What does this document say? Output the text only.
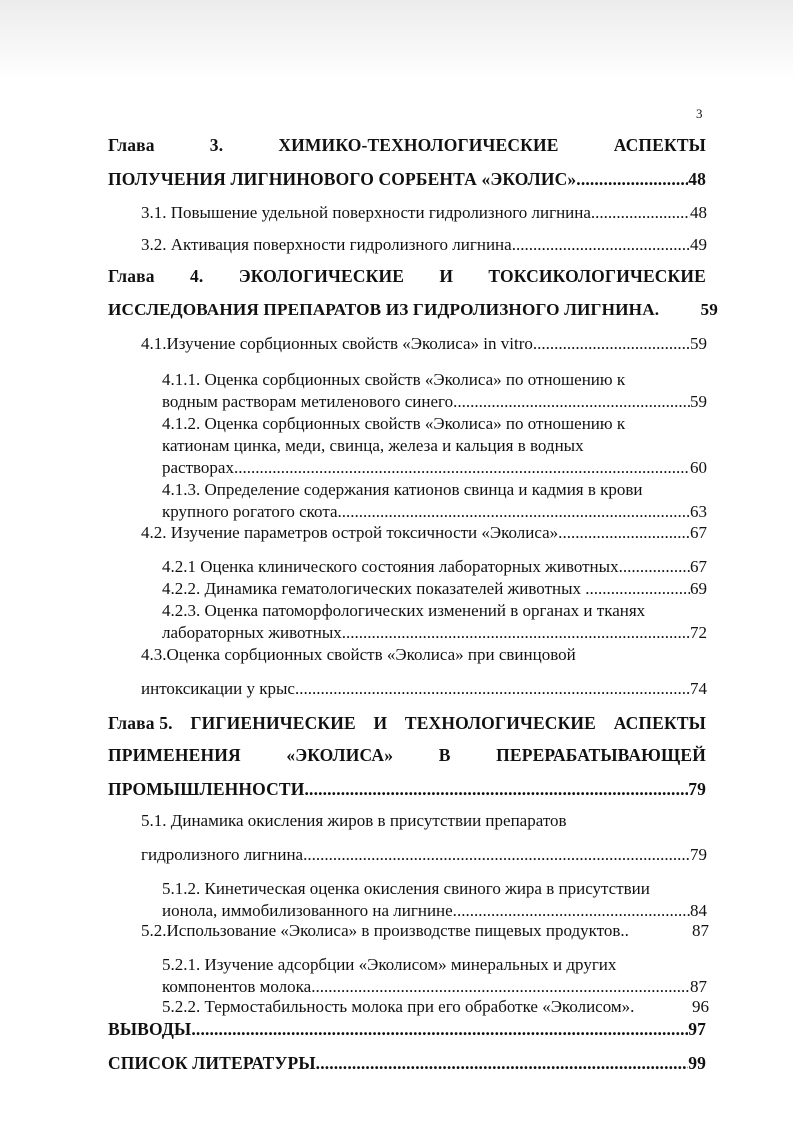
3
Глава	3.	ХИМИКО-ТЕХНОЛОГИЧЕСКИЕ	АСПЕКТЫ
ПОЛУЧЕНИЯ ЛИГНИНОВОГО СОРБЕНТА «ЭКОЛИС». .....	48
3.1. Повышение удельной поверхности гидролизного лигнина. .....	48
3.2. Активация поверхности гидролизного лигнина. .....	49
Глава 4. ЭКОЛОГИЧЕСКИЕ И ТОКСИКОЛОГИЧЕСКИЕ
ИССЛЕДОВАНИЯ ПРЕПАРАТОВ ИЗ ГИДРОЛИЗНОГО ЛИГНИНА. 59
4.1.Изучение сорбционных свойств «Эколиса» in vitro. .....	59
4.1.1. Оценка сорбционных свойств «Эколиса» по отношению к
водным растворам метиленового синего. .....	59
4.1.2. Оценка сорбционных свойств «Эколиса» по отношению к
катионам цинка, меди, свинца, железа и кальция в водных
растворах. .....	60
4.1.3. Определение содержания катионов свинца и кадмия в крови
крупного рогатого скота. .....	63
4.2. Изучение параметров острой токсичности «Эколиса». .....	67
4.2.1 Оценка клинического состояния лабораторных животных. .....	67
4.2.2. Динамика гематологических показателей животных . .....	69
4.2.3. Оценка патоморфологических изменений в органах и тканях
лабораторных животных. .....	72
4.3.Оценка сорбционных свойств «Эколиса» при свинцовой
интоксикации у крыс .....	74
Глава 5. ГИГИЕНИЧЕСКИЕ И ТЕХНОЛОГИЧЕСКИЕ АСПЕКТЫ
ПРИМЕНЕНИЯ	«ЭКОЛИСА»	В	ПЕРЕРАБАТЫВАЮЩЕЙ
ПРОМЫШЛЕННОСТИ. .....	79
5.1. Динамика окисления жиров в присутствии препаратов
гидролизного лигнина .....	79
5.1.2. Кинетическая оценка окисления свиного жира в присутствии
ионола, иммобилизованного на лигнине. .....	84
5.2.Использование «Эколиса» в производстве пищевых продуктов..	87
5.2.1. Изучение адсорбции «Эколисом» минеральных и других
компонентов молока. .....	87
5.2.2. Термостабильность молока при его обработке «Эколисом».	96
ВЫВОДЫ. .....	97
СПИСОК ЛИТЕРАТУРЫ. .....	99
